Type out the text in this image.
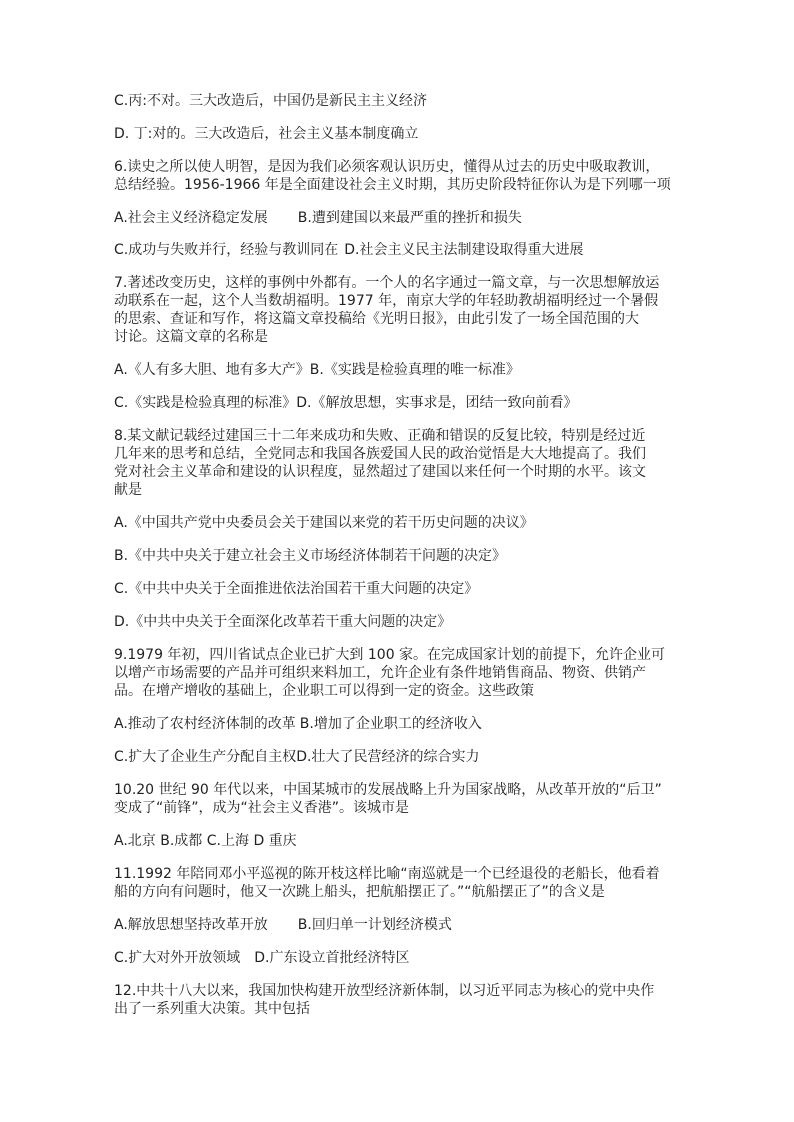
C.丙:不对。三大改造后，中国仍是新民主主义经济
D. 丁:对的。三大改造后，社会主义基本制度确立
6.读史之所以使人明智，是因为我们必须客观认识历史，懂得从过去的历史中吸取教训，
总结经验。1956-1966 年是全面建设社会主义时期，其历史阶段特征你认为是下列哪一项
A.社会主义经济稳定发展 B.遭到建国以来最严重的挫折和损失
C.成功与失败并行，经验与教训同在 D.社会主义民主法制建设取得重大进展
7.著述改变历史，这样的事例中外都有。一个人的名字通过一篇文章，与一次思想解放运
动联系在一起，这个人当数胡福明。1977 年，南京大学的年轻助教胡福明经过一个暑假
的思索、查证和写作，将这篇文章投稿给《光明日报》，由此引发了一场全国范围的大
讨论。这篇文章的名称是
A.《人有多大胆、地有多大产》B.《实践是检验真理的唯一标准》
C.《实践是检验真理的标准》D.《解放思想，实事求是，团结一致向前看》
8.某文献记载经过建国三十二年来成功和失败、正确和错误的反复比较，特别是经过近
几年来的思考和总结，全党同志和我国各族爱国人民的政治觉悟是大大地提高了。我们
党对社会主义革命和建设的认识程度，显然超过了建国以来任何一个时期的水平。该文
献是
A.《中国共产党中央委员会关于建国以来党的若干历史问题的决议》
B.《中共中央关于建立社会主义市场经济体制若干问题的决定》
C.《中共中央关于全面推进依法治国若干重大问题的决定》
D.《中共中央关于全面深化改革若干重大问题的决定》
9.1979 年初，四川省试点企业已扩大到 100 家。在完成国家计划的前提下，允许企业可
以增产市场需要的产品并可组织来料加工，允许企业有条件地销售商品、物资、供销产
品。在增产增收的基础上，企业职工可以得到一定的资金。这些政策
A.推动了农村经济体制的改革 B.增加了企业职工的经济收入
C.扩大了企业生产分配自主权D.壮大了民营经济的综合实力
10.20 世纪 90 年代以来，中国某城市的发展战略上升为国家战略，从改革开放的“后卫”
变成了“前锋”，成为“社会主义香港”。该城市是
A.北京 B.成都 C.上海 D 重庆
11.1992 年陪同邓小平巡视的陈开枝这样比喻“南巡就是一个已经退役的老船长，他看着
船的方向有问题时，他又一次跳上船头，把航船摆正了。”“航船摆正了”的含义是
A.解放思想坚持改革开放 B.回归单一计划经济模式
C.扩大对外开放领域 D.广东设立首批经济特区
12.中共十八大以来，我国加快构建开放型经济新体制，以习近平同志为核心的党中央作
出了一系列重大决策。其中包括
